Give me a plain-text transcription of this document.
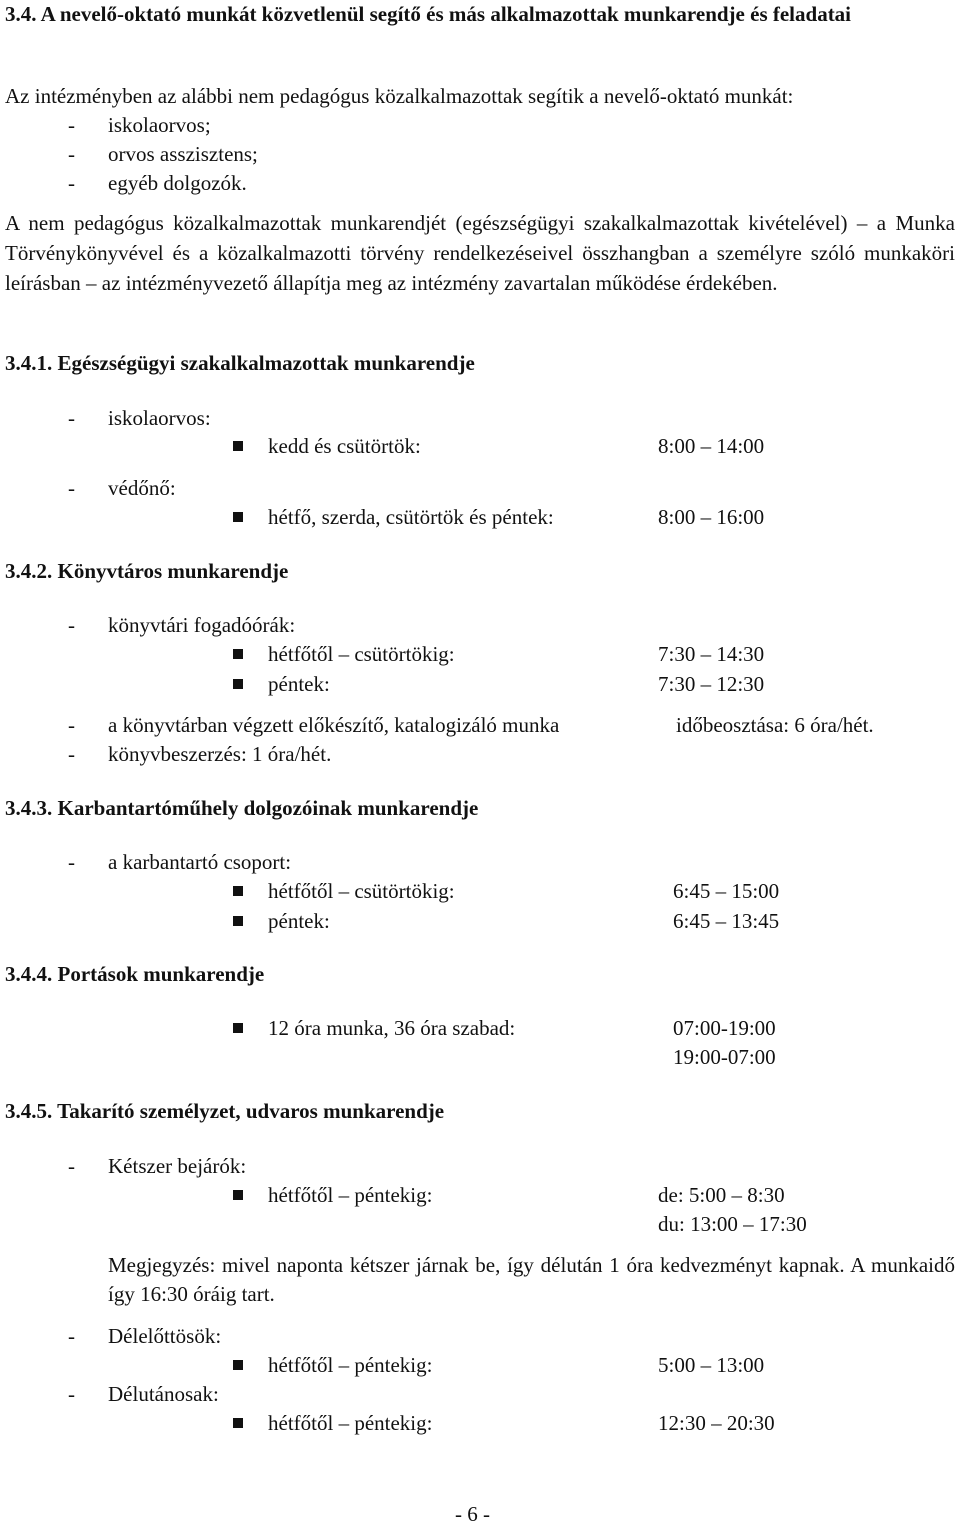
3.4. A nevelő-oktató munkát közvetlenül segítő és más alkalmazottak munkarendje és feladatai
Az intézményben az alábbi nem pedagógus közalkalmazottak segítik a nevelő-oktató munkát:
- iskolaorvos;
- orvos asszisztens;
- egyéb dolgozók.
A nem pedagógus közalkalmazottak munkarendjét (egészségügyi szakalkalmazottak kivételével) – a Munka Törvénykönyvével és a közalkalmazotti törvény rendelkezéseivel összhangban a személyre szóló munkaköri leírásban – az intézményvezető állapítja meg az intézmény zavartalan működése érdekében.
3.4.1. Egészségügyi szakalkalmazottak munkarendje
- iskolaorvos:
kedd és csütörtök:	8:00 – 14:00
- védőnő:
hétfő, szerda, csütörtök és péntek:	8:00 – 16:00
3.4.2. Könyvtáros munkarendje
- könyvtári fogadóórák:
hétfőtől – csütörtökig:	7:30 – 14:30
péntek:	7:30 – 12:30
- a könyvtárban végzett előkészítő, katalogizáló munka	időbeosztása: 6 óra/hét.
- könyvbeszerzés: 1 óra/hét.
3.4.3. Karbantartóműhely dolgozóinak munkarendje
- a karbantartó csoport:
hétfőtől – csütörtökig:	6:45 – 15:00
péntek:	6:45 – 13:45
3.4.4. Portások munkarendje
12 óra munka, 36 óra szabad:	07:00-19:00
19:00-07:00
3.4.5. Takarító személyzet, udvaros munkarendje
- Kétszer bejárók:
hétfőtől – péntekig:	de: 5:00 – 8:30
du: 13:00 – 17:30
Megjegyzés: mivel naponta kétszer járnak be, így délután 1 óra kedvezményt kapnak. A munkaidő így 16:30 óráig tart.
- Délelőttösök:
hétfőtől – péntekig:	5:00 – 13:00
- Délutánosak:
hétfőtől – péntekig:	12:30 – 20:30
- 6 -
